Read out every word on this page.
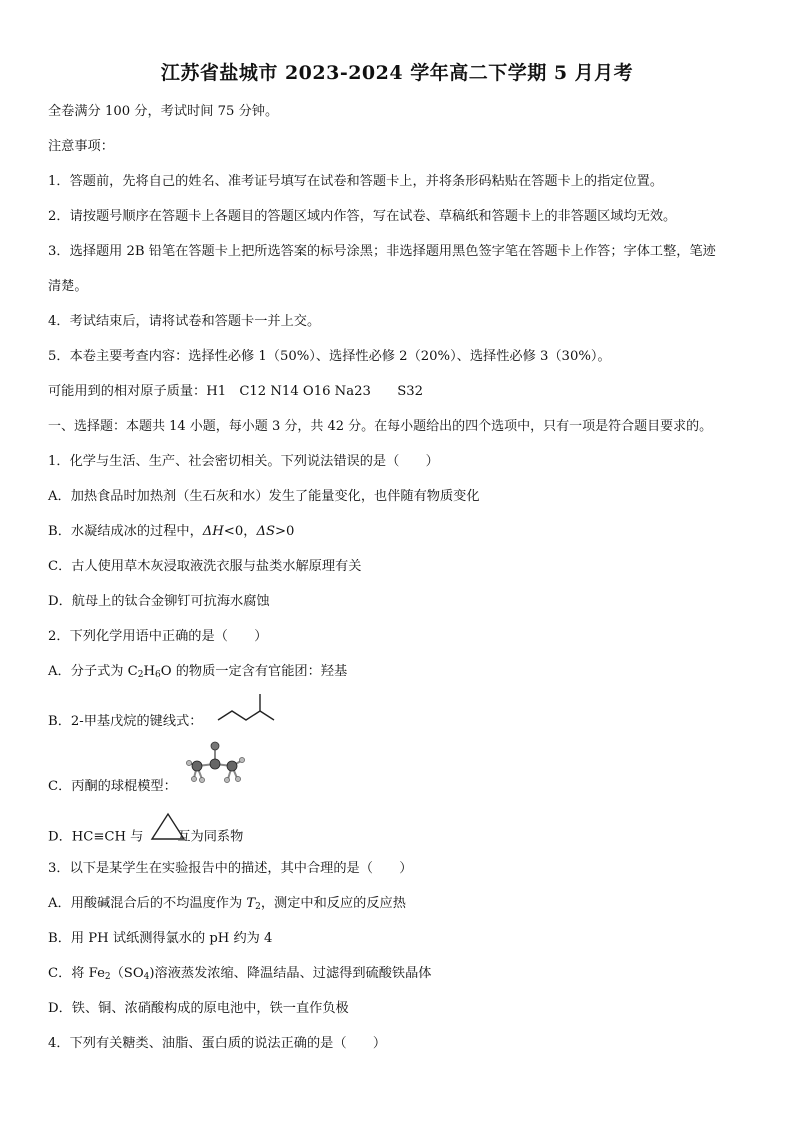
江苏省盐城市 2023-2024 学年高二下学期 5 月月考
全卷满分 100 分，考试时间 75 分钟。
注意事项：
1．答题前，先将自己的姓名、准考证号填写在试卷和答题卡上，并将条形码粘贴在答题卡上的指定位置。
2．请按题号顺序在答题卡上各题目的答题区域内作答，写在试卷、草稿纸和答题卡上的非答题区域均无效。
3．选择题用 2B 铅笔在答题卡上把所选答案的标号涂黑；非选择题用黑色签字笔在答题卡上作答；字体工整，笔迹
清楚。
4．考试结束后，请将试卷和答题卡一并上交。
5．本卷主要考查内容：选择性必修 1（50%）、选择性必修 2（20%）、选择性必修 3（30%）。
可能用到的相对原子质量：H1　C12 N14 O16 Na23　　S32
一、选择题：本题共 14 小题，每小题 3 分，共 42 分。在每小题给出的四个选项中，只有一项是符合题目要求的。
1．化学与生活、生产、社会密切相关。下列说法错误的是（　　）
A．加热食品时加热剂（生石灰和水）发生了能量变化，也伴随有物质变化
B．水凝结成冰的过程中，ΔH<0，ΔS>0
C．古人使用草木灰浸取液洗衣服与盐类水解原理有关
D．航母上的钛合金铆钉可抗海水腐蚀
2．下列化学用语中正确的是（　　）
A．分子式为 $C_2H_6O$ 的物质一定含有官能团：羟基
B．2-甲基戊烷的键线式：
C．丙酮的球棍模型：
D．HC≡CH 与	互为同系物
3．以下是某学生在实验报告中的描述，其中合理的是（　　）
A．用酸碱混合后的不均温度作为 $T_2$，测定中和反应的反应热
B．用 PH 试纸测得氯水的 pH 约为 4
C．将 $Fe_2(SO_4)$溶液蒸发浓缩、降温结晶、过滤得到硫酸铁晶体
D．铁、铜、浓硝酸构成的原电池中，铁一直作负极
4．下列有关糖类、油脂、蛋白质的说法正确的是（　　）
